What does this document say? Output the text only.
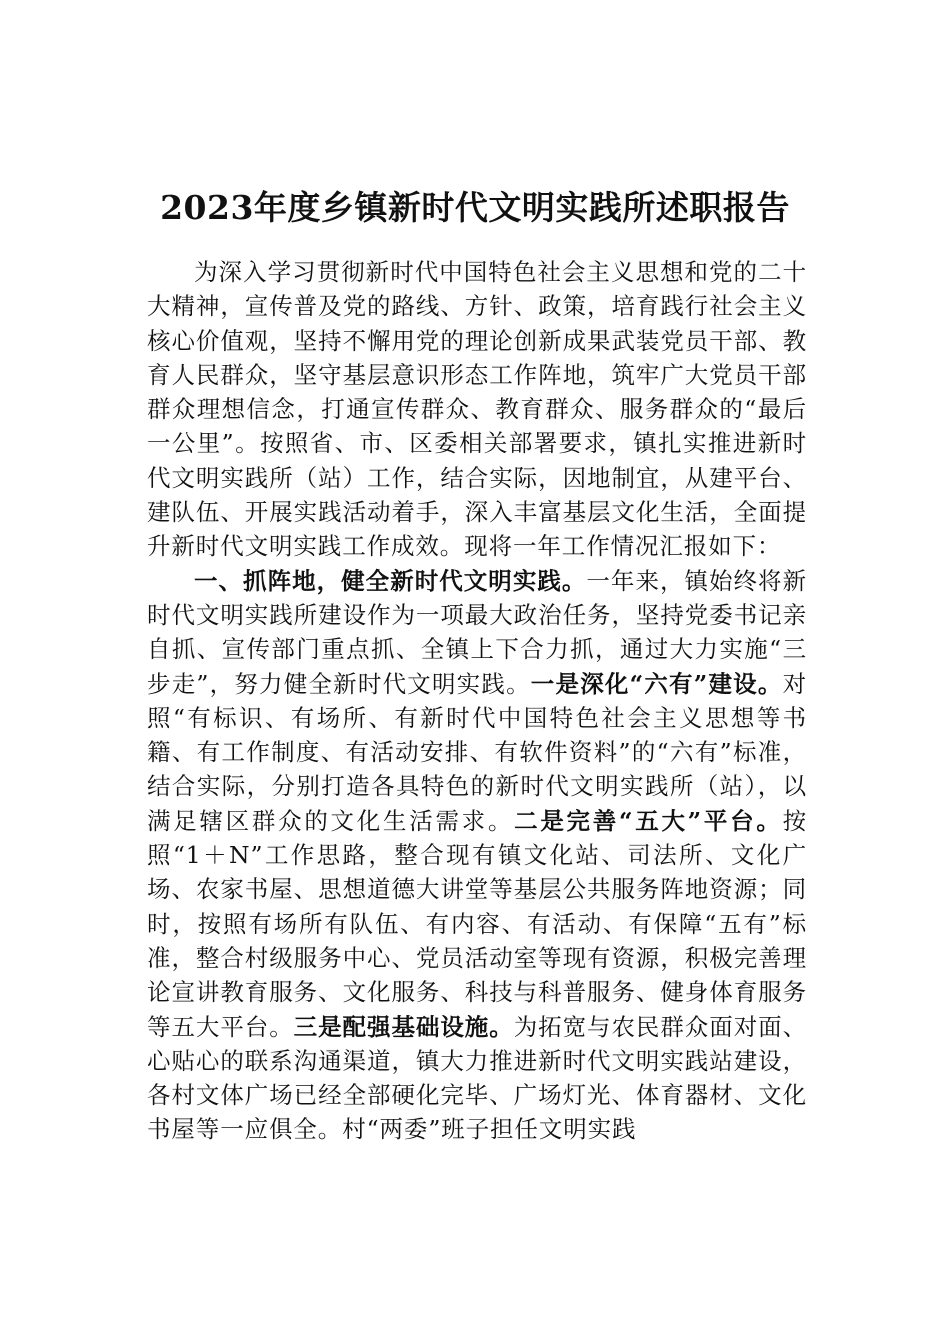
2023年度乡镇新时代文明实践所述职报告

为深入学习贯彻新时代中国特色社会主义思想和党的二十大精神，宣传普及党的路线、方针、政策，培育践行社会主义核心价值观，坚持不懈用党的理论创新成果武装党员干部、教育人民群众，坚守基层意识形态工作阵地，筑牢广大党员干部群众理想信念，打通宣传群众、教育群众、服务群众的“最后一公里”。按照省、市、区委相关部署要求，镇扎实推进新时代文明实践所（站）工作，结合实际，因地制宜，从建平台、建队伍、开展实践活动着手，深入丰富基层文化生活，全面提升新时代文明实践工作成效。现将一年工作情况汇报如下：

一、抓阵地，健全新时代文明实践。一年来，镇始终将新时代文明实践所建设作为一项最大政治任务，坚持党委书记亲自抓、宣传部门重点抓、全镇上下合力抓，通过大力实施“三步走”，努力健全新时代文明实践。一是深化“六有”建设。对照“有标识、有场所、有新时代中国特色社会主义思想等书籍、有工作制度、有活动安排、有软件资料”的“六有”标准，结合实际，分别打造各具特色的新时代文明实践所（站），以满足辖区群众的文化生活需求。二是完善“五大”平台。按照“1＋N”工作思路，整合现有镇文化站、司法所、文化广场、农家书屋、思想道德大讲堂等基层公共服务阵地资源；同时，按照有场所有队伍、有内容、有活动、有保障“五有”标准，整合村级服务中心、党员活动室等现有资源，积极完善理论宣讲教育服务、文化服务、科技与科普服务、健身体育服务等五大平台。三是配强基础设施。为拓宽与农民群众面对面、心贴心的联系沟通渠道，镇大力推进新时代文明实践站建设，各村文体广场已经全部硬化完毕、广场灯光、体育器材、文化书屋等一应俱全。村“两委”班子担任文明实践
